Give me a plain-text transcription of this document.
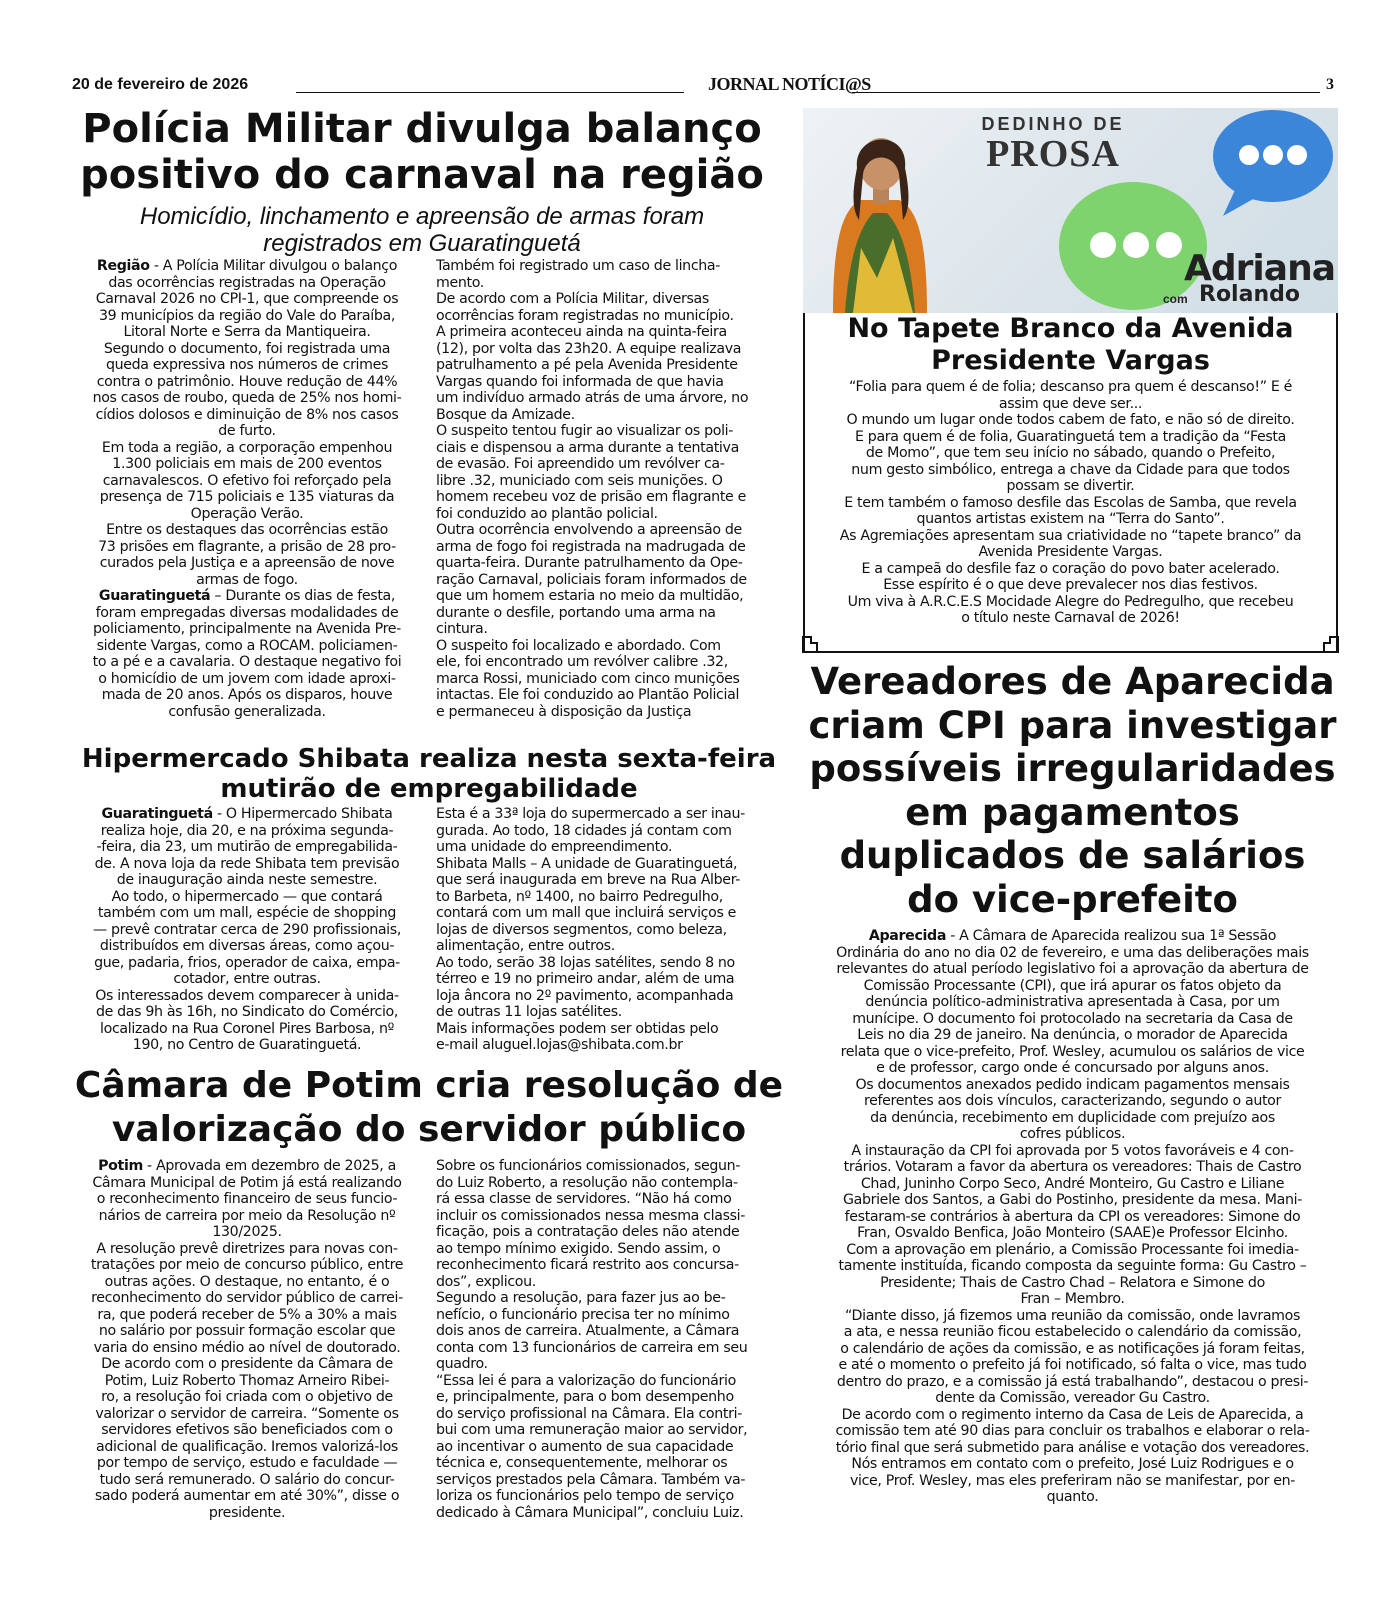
20 de fevereiro de 2026	JORNAL NOTÍCI@S	3
Polícia Militar divulga balanço
positivo do carnaval na região
Homicídio, linchamento e apreensão de armas foram
registrados em Guaratinguetá

Região - A Polícia Militar divulgou o balanço

das ocorrências registradas na Operação

Carnaval 2026 no CPI-1, que compreende os

39 municípios da região do Vale do Paraíba,

Litoral Norte e Serra da Mantiqueira.

Segundo o documento, foi registrada uma

queda expressiva nos números de crimes

contra o patrimônio. Houve redução de 44%

nos casos de roubo, queda de 25% nos homi-

cídios dolosos e diminuição de 8% nos casos

de furto.

Em toda a região, a corporação empenhou

1.300 policiais em mais de 200 eventos

carnavalescos. O efetivo foi reforçado pela

presença de 715 policiais e 135 viaturas da

Operação Verão.

Entre os destaques das ocorrências estão

73 prisões em flagrante, a prisão de 28 pro-

curados pela Justiça e a apreensão de nove

armas de fogo.

Guaratinguetá – Durante os dias de festa,

foram empregadas diversas modalidades de

policiamento, principalmente na Avenida Pre-

sidente Vargas, como a ROCAM. policiamen-

to a pé e a cavalaria. O destaque negativo foi

o homicídio de um jovem com idade aproxi-

mada de 20 anos. Após os disparos, houve

confusão generalizada.

Também foi registrado um caso de lincha-

mento.

De acordo com a Polícia Militar, diversas

ocorrências foram registradas no município.

A primeira aconteceu ainda na quinta-feira

(12), por volta das 23h20. A equipe realizava

patrulhamento a pé pela Avenida Presidente

Vargas quando foi informada de que havia

um indivíduo armado atrás de uma árvore, no

Bosque da Amizade.

O suspeito tentou fugir ao visualizar os poli-

ciais e dispensou a arma durante a tentativa

de evasão. Foi apreendido um revólver ca-

libre .32, municiado com seis munições. O

homem recebeu voz de prisão em flagrante e

foi conduzido ao plantão policial.

Outra ocorrência envolvendo a apreensão de

arma de fogo foi registrada na madrugada de

quarta-feira. Durante patrulhamento da Ope-

ração Carnaval, policiais foram informados de

que um homem estaria no meio da multidão,

durante o desfile, portando uma arma na

cintura.

O suspeito foi localizado e abordado. Com

ele, foi encontrado um revólver calibre .32,

marca Rossi, municiado com cinco munições

intactas. Ele foi conduzido ao Plantão Policial

e permaneceu à disposição da Justiça

Hipermercado Shibata realiza nesta sexta-feira
mutirão de empregabilidade

Guaratinguetá - O Hipermercado Shibata

realiza hoje, dia 20, e na próxima segunda-

-feira, dia 23, um mutirão de empregabilida-

de. A nova loja da rede Shibata tem previsão

de inauguração ainda neste semestre.

Ao todo, o hipermercado — que contará

também com um mall, espécie de shopping

— prevê contratar cerca de 290 profissionais,

distribuídos em diversas áreas, como açou-

gue, padaria, frios, operador de caixa, empa-

cotador, entre outras.

Os interessados devem comparecer à unida-

de das 9h às 16h, no Sindicato do Comércio,

localizado na Rua Coronel Pires Barbosa, nº

190, no Centro de Guaratinguetá.

Esta é a 33ª loja do supermercado a ser inau-

gurada. Ao todo, 18 cidades já contam com

uma unidade do empreendimento.

Shibata Malls – A unidade de Guaratinguetá,

que será inaugurada em breve na Rua Alber-

to Barbeta, nº 1400, no bairro Pedregulho,

contará com um mall que incluirá serviços e

lojas de diversos segmentos, como beleza,

alimentação, entre outros.

Ao todo, serão 38 lojas satélites, sendo 8 no

térreo e 19 no primeiro andar, além de uma

loja âncora no 2º pavimento, acompanhada

de outras 11 lojas satélites.

Mais informações podem ser obtidas pelo

e-mail aluguel.lojas@shibata.com.br

Câmara de Potim cria resolução de
valorização do servidor público

Potim - Aprovada em dezembro de 2025, a

Câmara Municipal de Potim já está realizando

o reconhecimento financeiro de seus funcio-

nários de carreira por meio da Resolução nº

130/2025.

A resolução prevê diretrizes para novas con-

tratações por meio de concurso público, entre

outras ações. O destaque, no entanto, é o

reconhecimento do servidor público de carrei-

ra, que poderá receber de 5% a 30% a mais

no salário por possuir formação escolar que

varia do ensino médio ao nível de doutorado.

De acordo com o presidente da Câmara de

Potim, Luiz Roberto Thomaz Arneiro Ribei-

ro, a resolução foi criada com o objetivo de

valorizar o servidor de carreira. “Somente os

servidores efetivos são beneficiados com o

adicional de qualificação. Iremos valorizá-los

por tempo de serviço, estudo e faculdade —

tudo será remunerado. O salário do concur-

sado poderá aumentar em até 30%”, disse o

presidente.

Sobre os funcionários comissionados, segun-

do Luiz Roberto, a resolução não contempla-

rá essa classe de servidores. “Não há como

incluir os comissionados nessa mesma classi-

ficação, pois a contratação deles não atende

ao tempo mínimo exigido. Sendo assim, o

reconhecimento ficará restrito aos concursa-

dos”, explicou.

Segundo a resolução, para fazer jus ao be-

nefício, o funcionário precisa ter no mínimo

dois anos de carreira. Atualmente, a Câmara

conta com 13 funcionários de carreira em seu

quadro.

“Essa lei é para a valorização do funcionário

e, principalmente, para o bom desempenho

do serviço profissional na Câmara. Ela contri-

bui com uma remuneração maior ao servidor,

ao incentivar o aumento de sua capacidade

técnica e, consequentemente, melhorar os

serviços prestados pela Câmara. Também va-

loriza os funcionários pelo tempo de serviço

dedicado à Câmara Municipal”, concluiu Luiz.

DEDINHO DE
PROSA
Adriana
com Rolando
No Tapete Branco da Avenida
Presidente Vargas

“Folia para quem é de folia; descanso pra quem é descanso!” E é

assim que deve ser...

O mundo um lugar onde todos cabem de fato, e não só de direito.

E para quem é de folia, Guaratinguetá tem a tradição da “Festa

de Momo”, que tem seu início no sábado, quando o Prefeito,

num gesto simbólico, entrega a chave da Cidade para que todos

possam se divertir.

E tem também o famoso desfile das Escolas de Samba, que revela

quantos artistas existem na “Terra do Santo”.

As Agremiações apresentam sua criatividade no “tapete branco” da

Avenida Presidente Vargas.

E a campeã do desfile faz o coração do povo bater acelerado.

Esse espírito é o que deve prevalecer nos dias festivos.

Um viva à A.R.C.E.S Mocidade Alegre do Pedregulho, que recebeu

o título neste Carnaval de 2026!

Vereadores de Aparecida
criam CPI para investigar
possíveis irregularidades
em pagamentos
duplicados de salários
do vice-prefeito

Aparecida - A Câmara de Aparecida realizou sua 1ª Sessão

Ordinária do ano no dia 02 de fevereiro, e uma das deliberações mais

relevantes do atual período legislativo foi a aprovação da abertura de

Comissão Processante (CPI), que irá apurar os fatos objeto da

denúncia político-administrativa apresentada à Casa, por um

munícipe. O documento foi protocolado na secretaria da Casa de

Leis no dia 29 de janeiro. Na denúncia, o morador de Aparecida

relata que o vice-prefeito, Prof. Wesley, acumulou os salários de vice

e de professor, cargo onde é concursado por alguns anos.

Os documentos anexados pedido indicam pagamentos mensais

referentes aos dois vínculos, caracterizando, segundo o autor

da denúncia, recebimento em duplicidade com prejuízo aos

cofres públicos.

A instauração da CPI foi aprovada por 5 votos favoráveis e 4 con-

trários. Votaram a favor da abertura os vereadores: Thais de Castro

Chad, Juninho Corpo Seco, André Monteiro, Gu Castro e Liliane

Gabriele dos Santos, a Gabi do Postinho, presidente da mesa. Mani-

festaram-se contrários à abertura da CPI os vereadores: Simone do

Fran, Osvaldo Benfica, João Monteiro (SAAE)e Professor Elcinho.

Com a aprovação em plenário, a Comissão Processante foi imedia-

tamente instituída, ficando composta da seguinte forma: Gu Castro –

Presidente; Thais de Castro Chad – Relatora e Simone do

Fran – Membro.

“Diante disso, já fizemos uma reunião da comissão, onde lavramos

a ata, e nessa reunião ficou estabelecido o calendário da comissão,

o calendário de ações da comissão, e as notificações já foram feitas,

e até o momento o prefeito já foi notificado, só falta o vice, mas tudo

dentro do prazo, e a comissão já está trabalhando”, destacou o presi-

dente da Comissão, vereador Gu Castro.

De acordo com o regimento interno da Casa de Leis de Aparecida, a

comissão tem até 90 dias para concluir os trabalhos e elaborar o rela-

tório final que será submetido para análise e votação dos vereadores.

Nós entramos em contato com o prefeito, José Luiz Rodrigues e o

vice, Prof. Wesley, mas eles preferiram não se manifestar, por en-

quanto.
